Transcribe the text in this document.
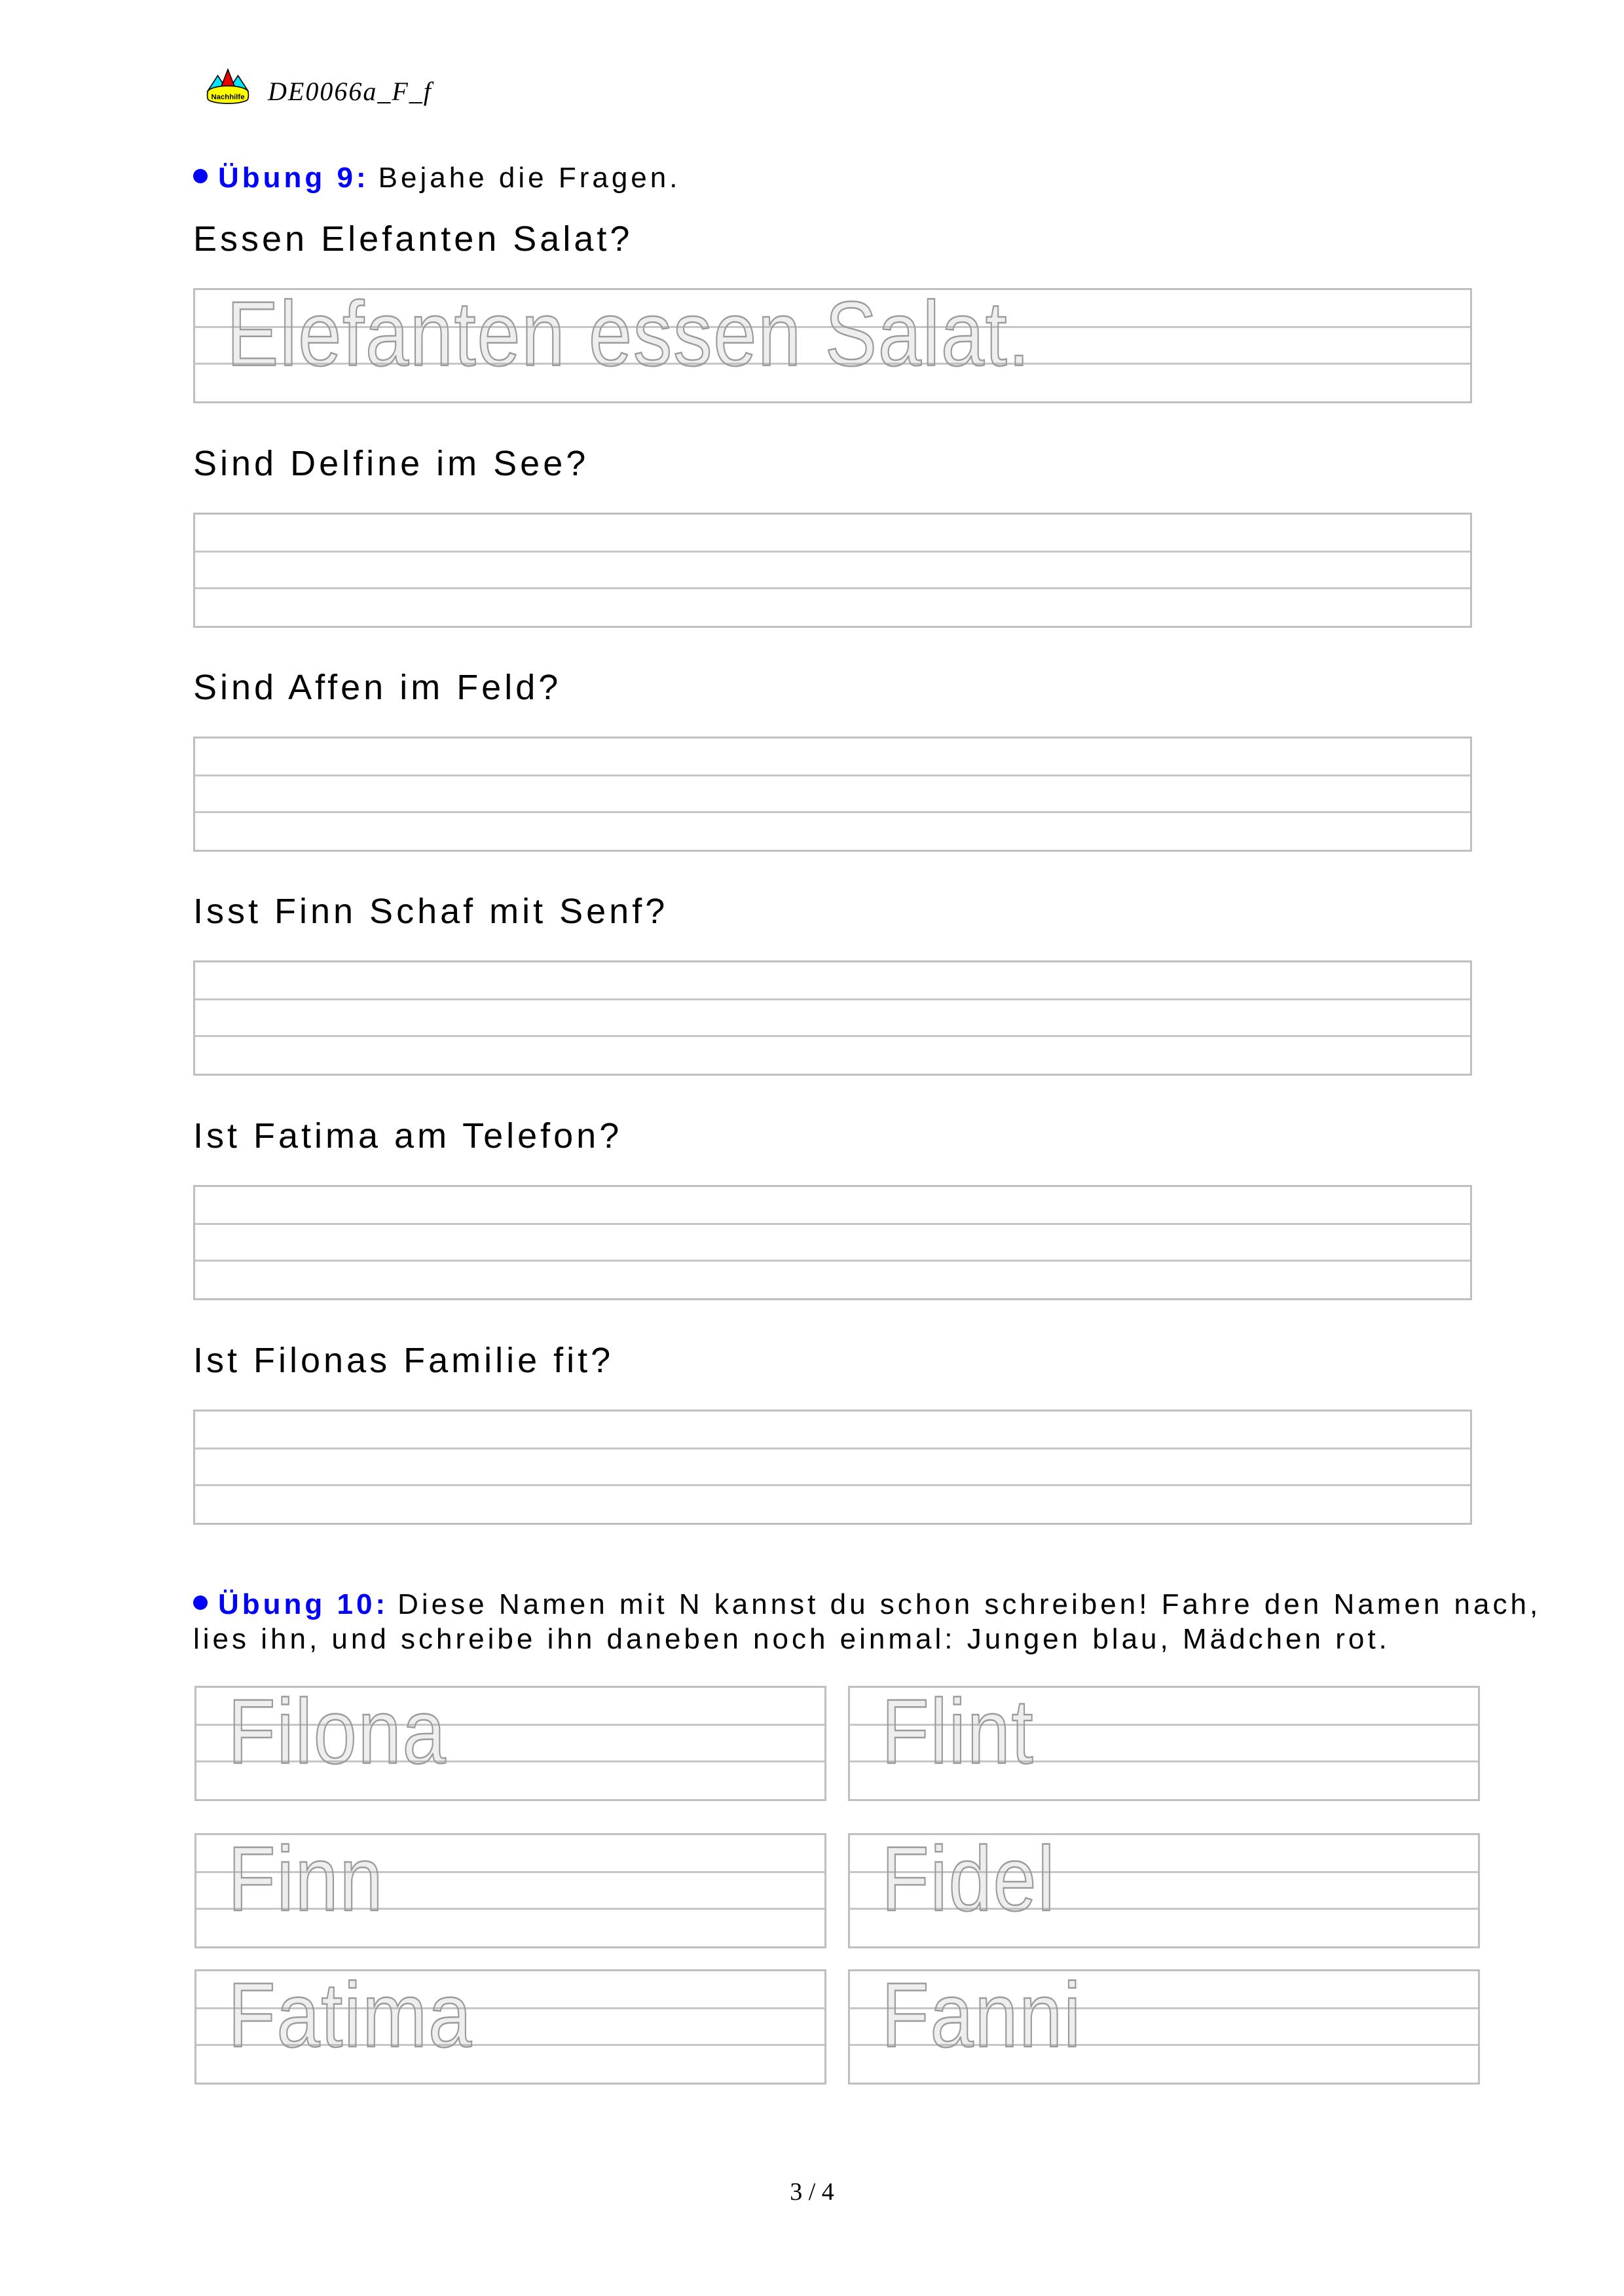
Nachhilfe DE0066a_F_f
Übung 9: Bejahe die Fragen.
Essen Elefanten Salat?
Elefanten essen Salat.
Sind Delfine im See?
Sind Affen im Feld?
Isst Finn Schaf mit Senf?
Ist Fatima am Telefon?
Ist Filonas Familie fit?
Übung 10: Diese Namen mit N kannst du schon schreiben! Fahre den Namen nach,
lies ihn, und schreibe ihn daneben noch einmal: Jungen blau, Mädchen rot.
Filona	Flint
Finn	Fidel
Fatima	Fanni
3 / 4
